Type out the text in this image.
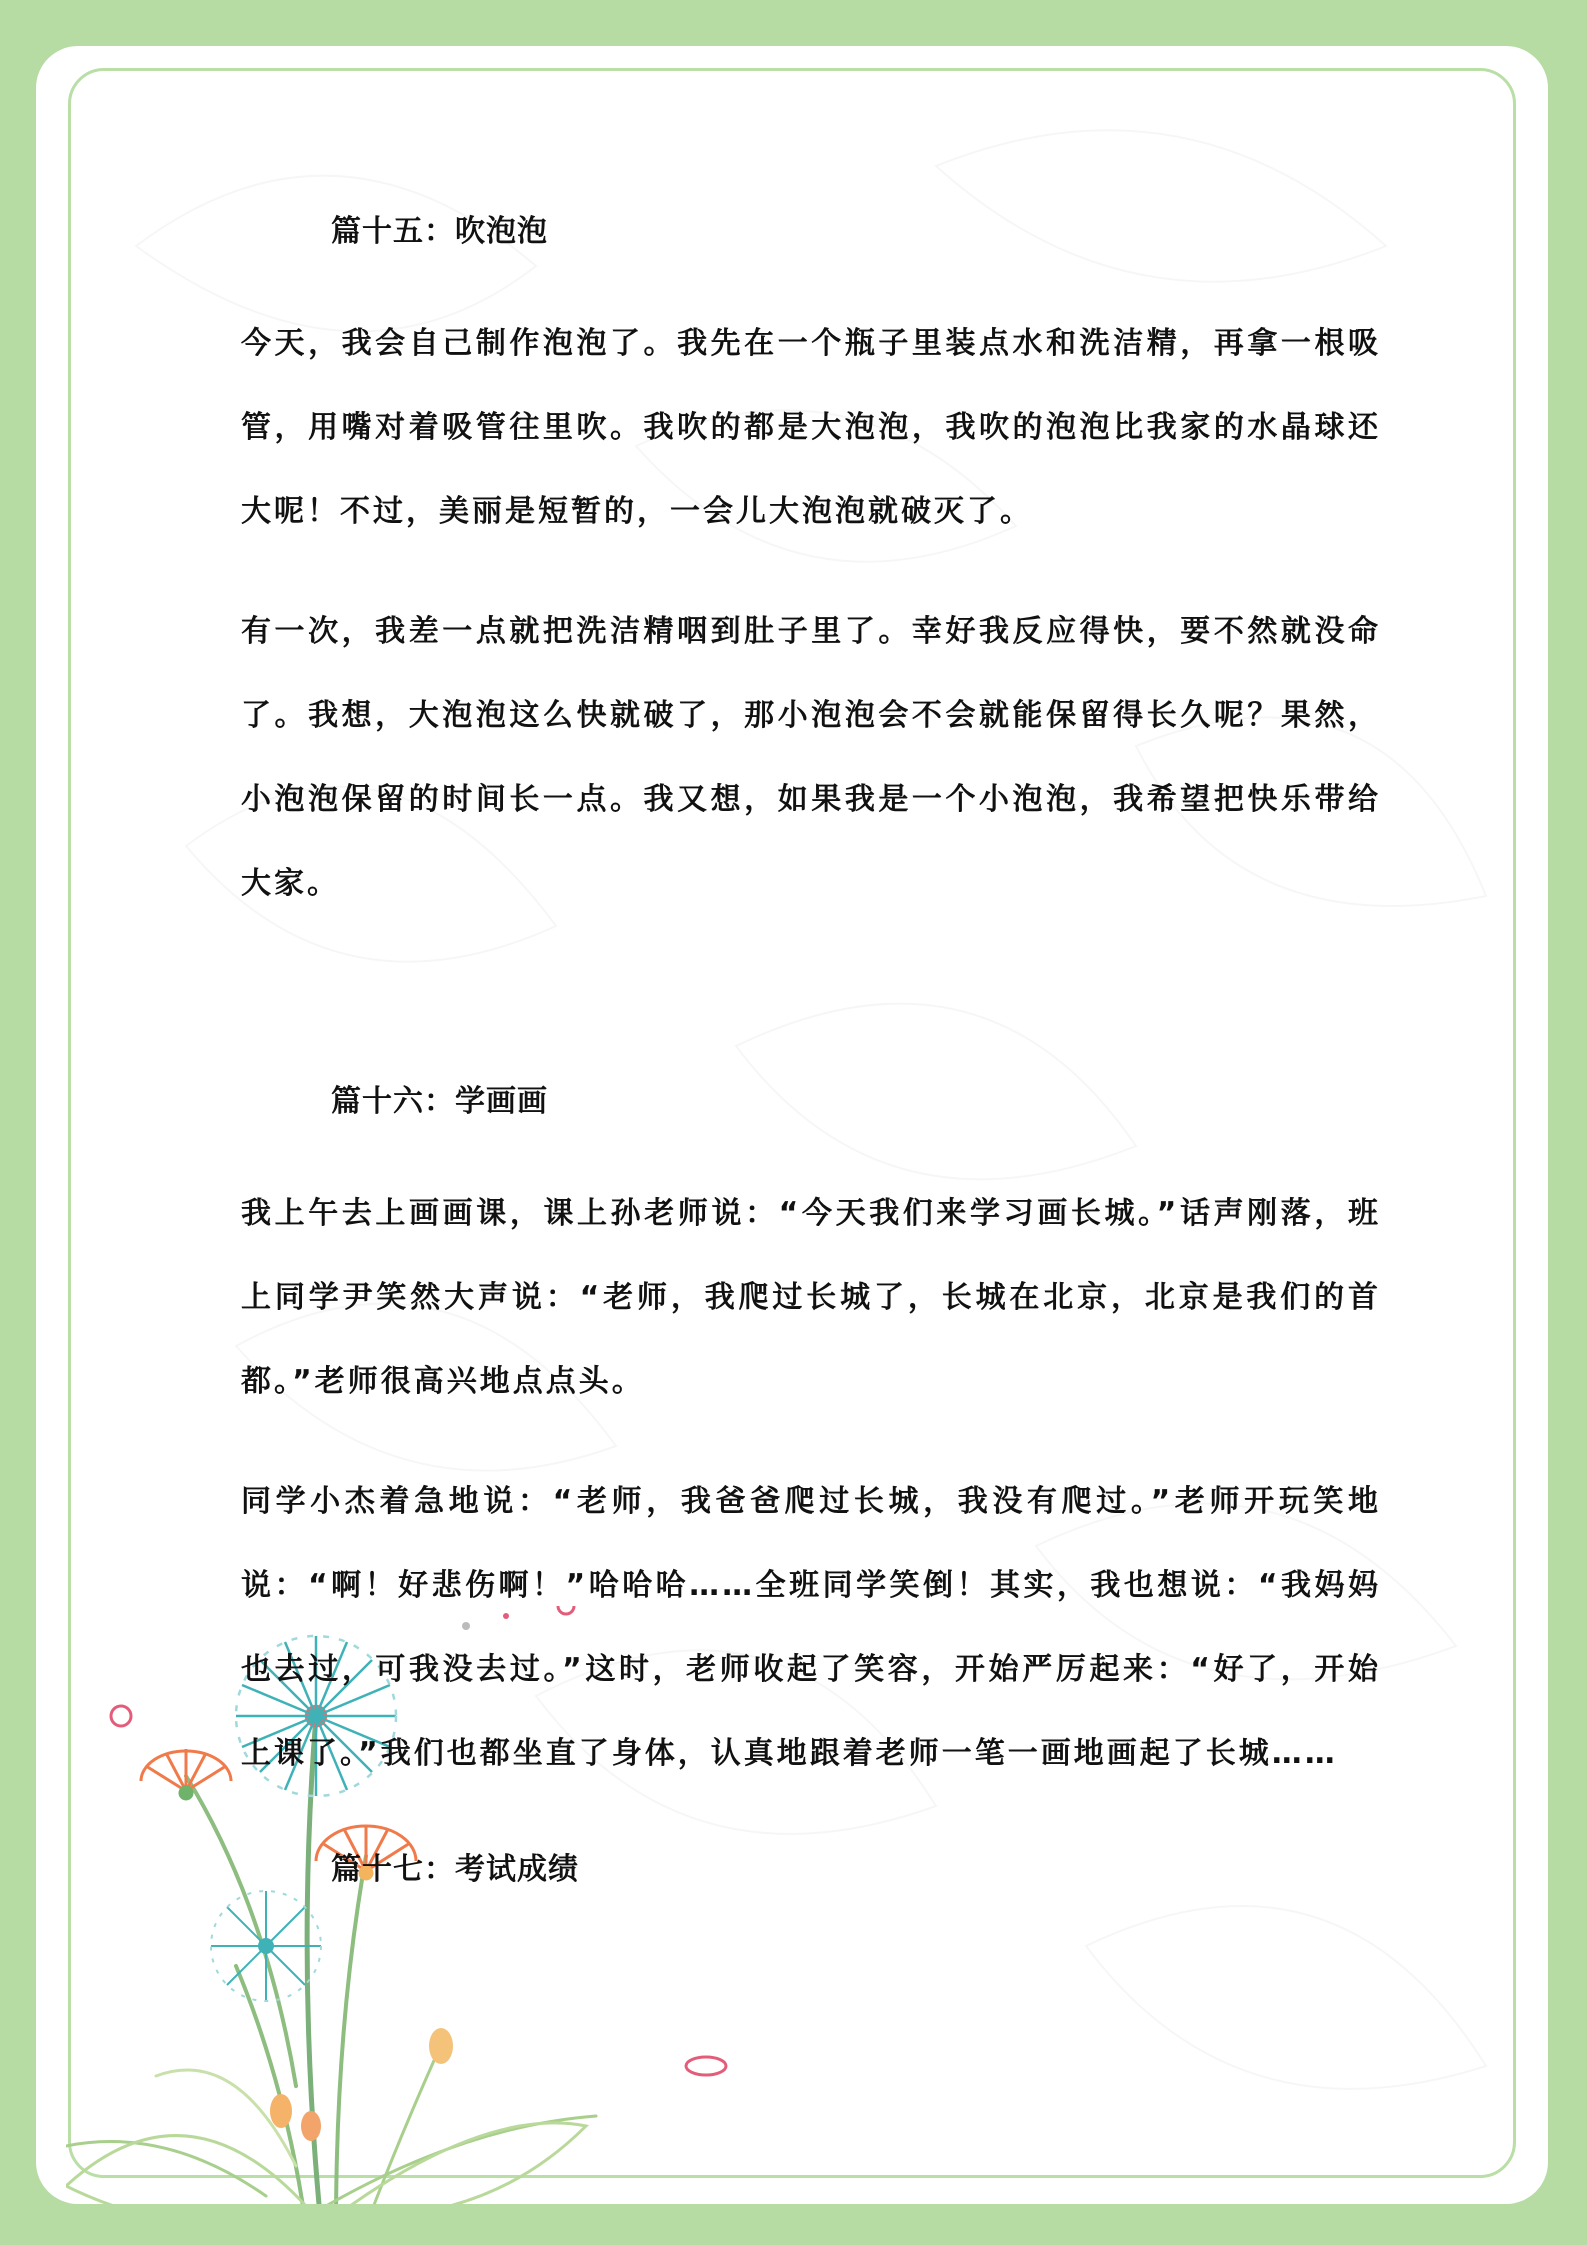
篇十五：吹泡泡

今天，我会自己制作泡泡了。我先在一个瓶子里装点水和洗洁精，再拿一根吸管，用嘴对着吸管往里吹。我吹的都是大泡泡，我吹的泡泡比我家的水晶球还大呢！不过，美丽是短暂的，一会儿大泡泡就破灭了。

有一次，我差一点就把洗洁精咽到肚子里了。幸好我反应得快，要不然就没命了。我想，大泡泡这么快就破了，那小泡泡会不会就能保留得长久呢？果然，小泡泡保留的时间长一点。我又想，如果我是一个小泡泡，我希望把快乐带给大家。

篇十六：学画画

我上午去上画画课，课上孙老师说：“今天我们来学习画长城。”话声刚落，班上同学尹笑然大声说：“老师，我爬过长城了，长城在北京，北京是我们的首都。”老师很高兴地点点头。

同学小杰着急地说：“老师，我爸爸爬过长城，我没有爬过。”老师开玩笑地说：“啊！好悲伤啊！”哈哈哈……全班同学笑倒！其实，我也想说：“我妈妈也去过，可我没去过。”这时，老师收起了笑容，开始严厉起来：“好了，开始上课了。”我们也都坐直了身体，认真地跟着老师一笔一画地画起了长城……

篇十七：考试成绩
